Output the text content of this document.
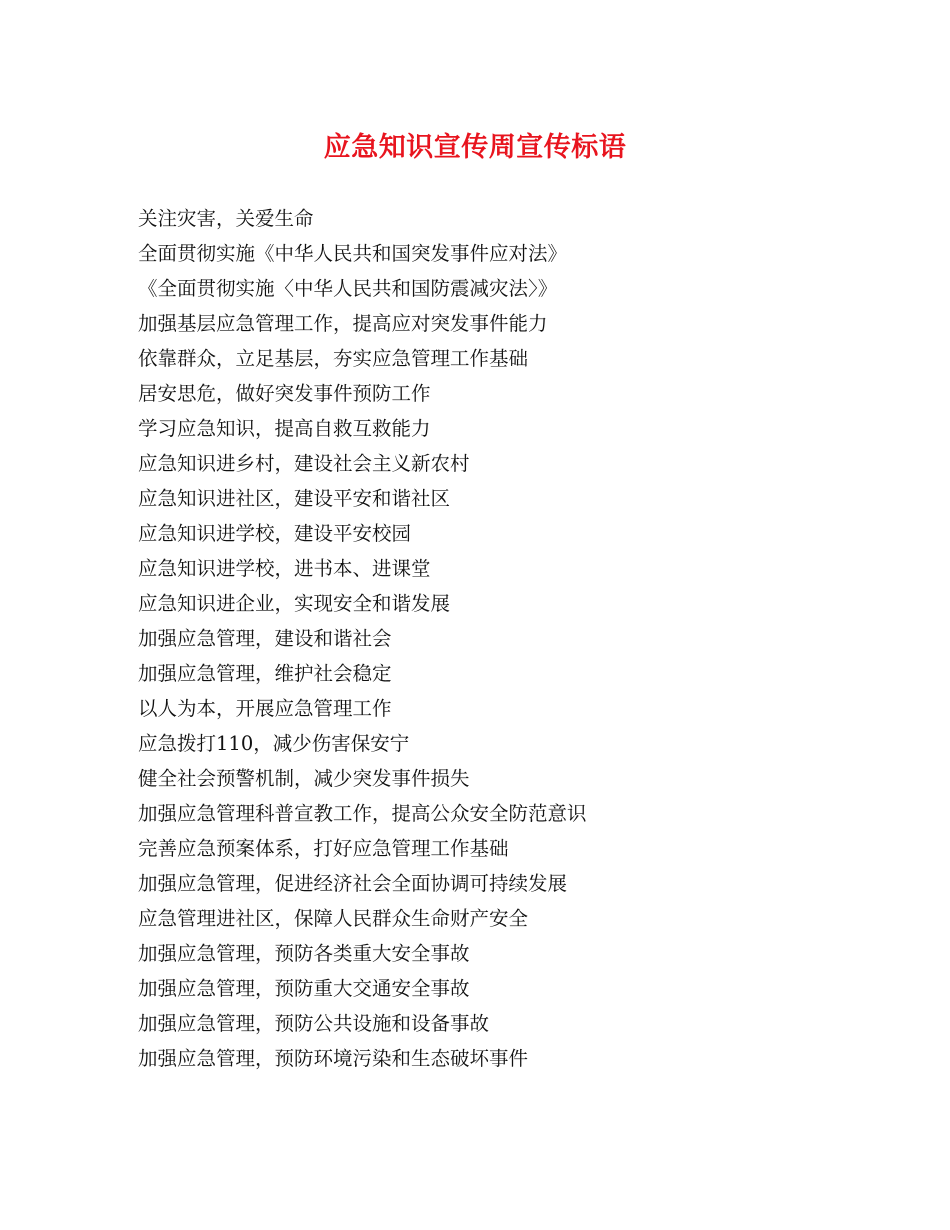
应急知识宣传周宣传标语
关注灾害，关爱生命
全面贯彻实施《中华人民共和国突发事件应对法》
《全面贯彻实施〈中华人民共和国防震减灾法〉》
加强基层应急管理工作，提高应对突发事件能力
依靠群众，立足基层，夯实应急管理工作基础
居安思危，做好突发事件预防工作
学习应急知识，提高自救互救能力
应急知识进乡村，建设社会主义新农村
应急知识进社区，建设平安和谐社区
应急知识进学校，建设平安校园
应急知识进学校，进书本、进课堂
应急知识进企业，实现安全和谐发展
加强应急管理，建设和谐社会
加强应急管理，维护社会稳定
以人为本，开展应急管理工作
应急拨打110，减少伤害保安宁
健全社会预警机制，减少突发事件损失
加强应急管理科普宣教工作，提高公众安全防范意识
完善应急预案体系，打好应急管理工作基础
加强应急管理，促进经济社会全面协调可持续发展
应急管理进社区，保障人民群众生命财产安全
加强应急管理，预防各类重大安全事故
加强应急管理，预防重大交通安全事故
加强应急管理，预防公共设施和设备事故
加强应急管理，预防环境污染和生态破坏事件
